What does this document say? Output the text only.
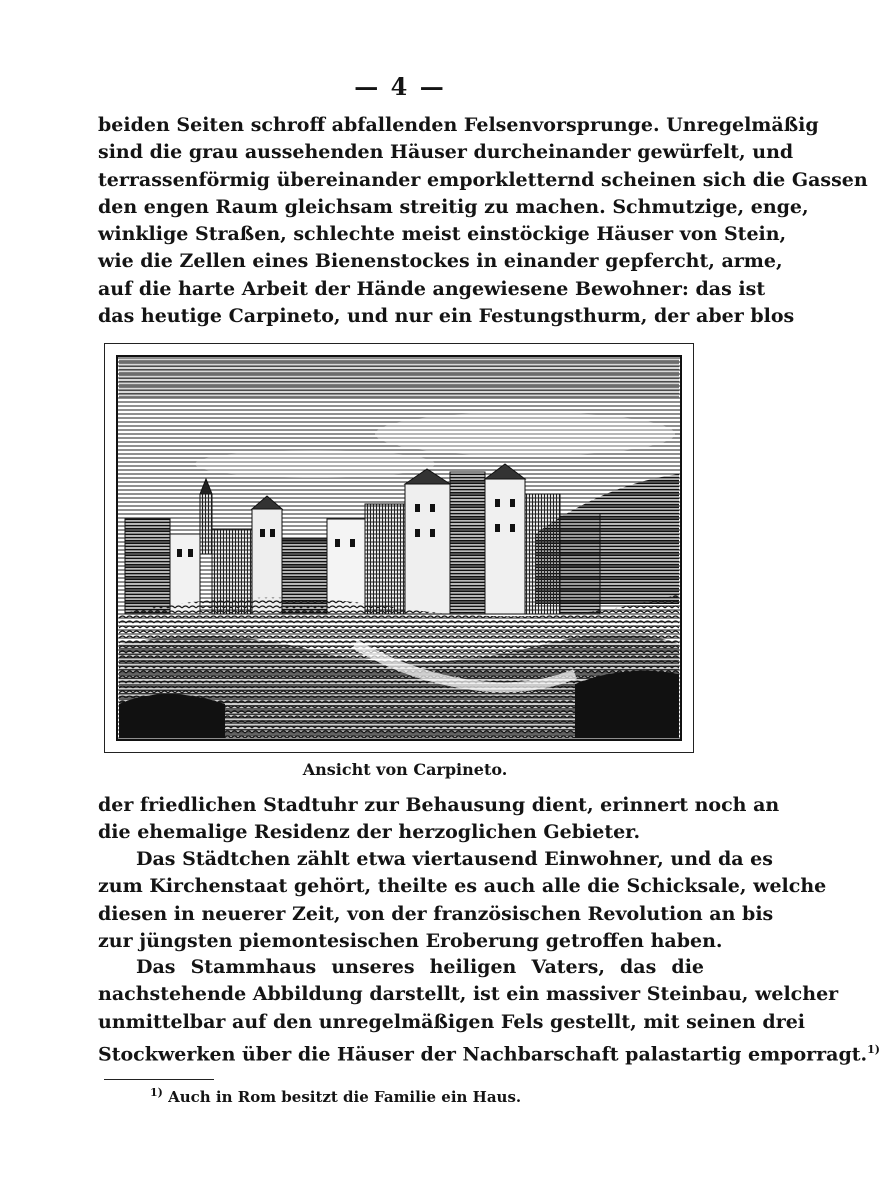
— 4 —
beiden Seiten schroff abfallenden Felsenvorsprunge. Unregelmäßig
sind die grau aussehenden Häuser durcheinander gewürfelt, und
terrassenförmig übereinander emporkletternd scheinen sich die Gassen
den engen Raum gleichsam streitig zu machen. Schmutzige, enge,
winklige Straßen, schlechte meist einstöckige Häuser von Stein,
wie die Zellen eines Bienenstockes in einander gepfercht, arme,
auf die harte Arbeit der Hände angewiesene Bewohner: das ist
das heutige Carpineto, und nur ein Festungsthurm, der aber blos
Ansicht von Carpineto.
der friedlichen Stadtuhr zur Behausung dient, erinnert noch an
die ehemalige Residenz der herzoglichen Gebieter.
Das Städtchen zählt etwa viertausend Einwohner, und da es
zum Kirchenstaat gehört, theilte es auch alle die Schicksale, welche
diesen in neuerer Zeit, von der französischen Revolution an bis
zur jüngsten piemontesischen Eroberung getroffen haben.
Das Stammhaus unseres heiligen Vaters, das die
nachstehende Abbildung darstellt, ist ein massiver Steinbau, welcher
unmittelbar auf den unregelmäßigen Fels gestellt, mit seinen drei
Stockwerken über die Häuser der Nachbarschaft palastartig emporragt.$^{1)}$
$^{1)}$ Auch in Rom besitzt die Familie ein Haus.
